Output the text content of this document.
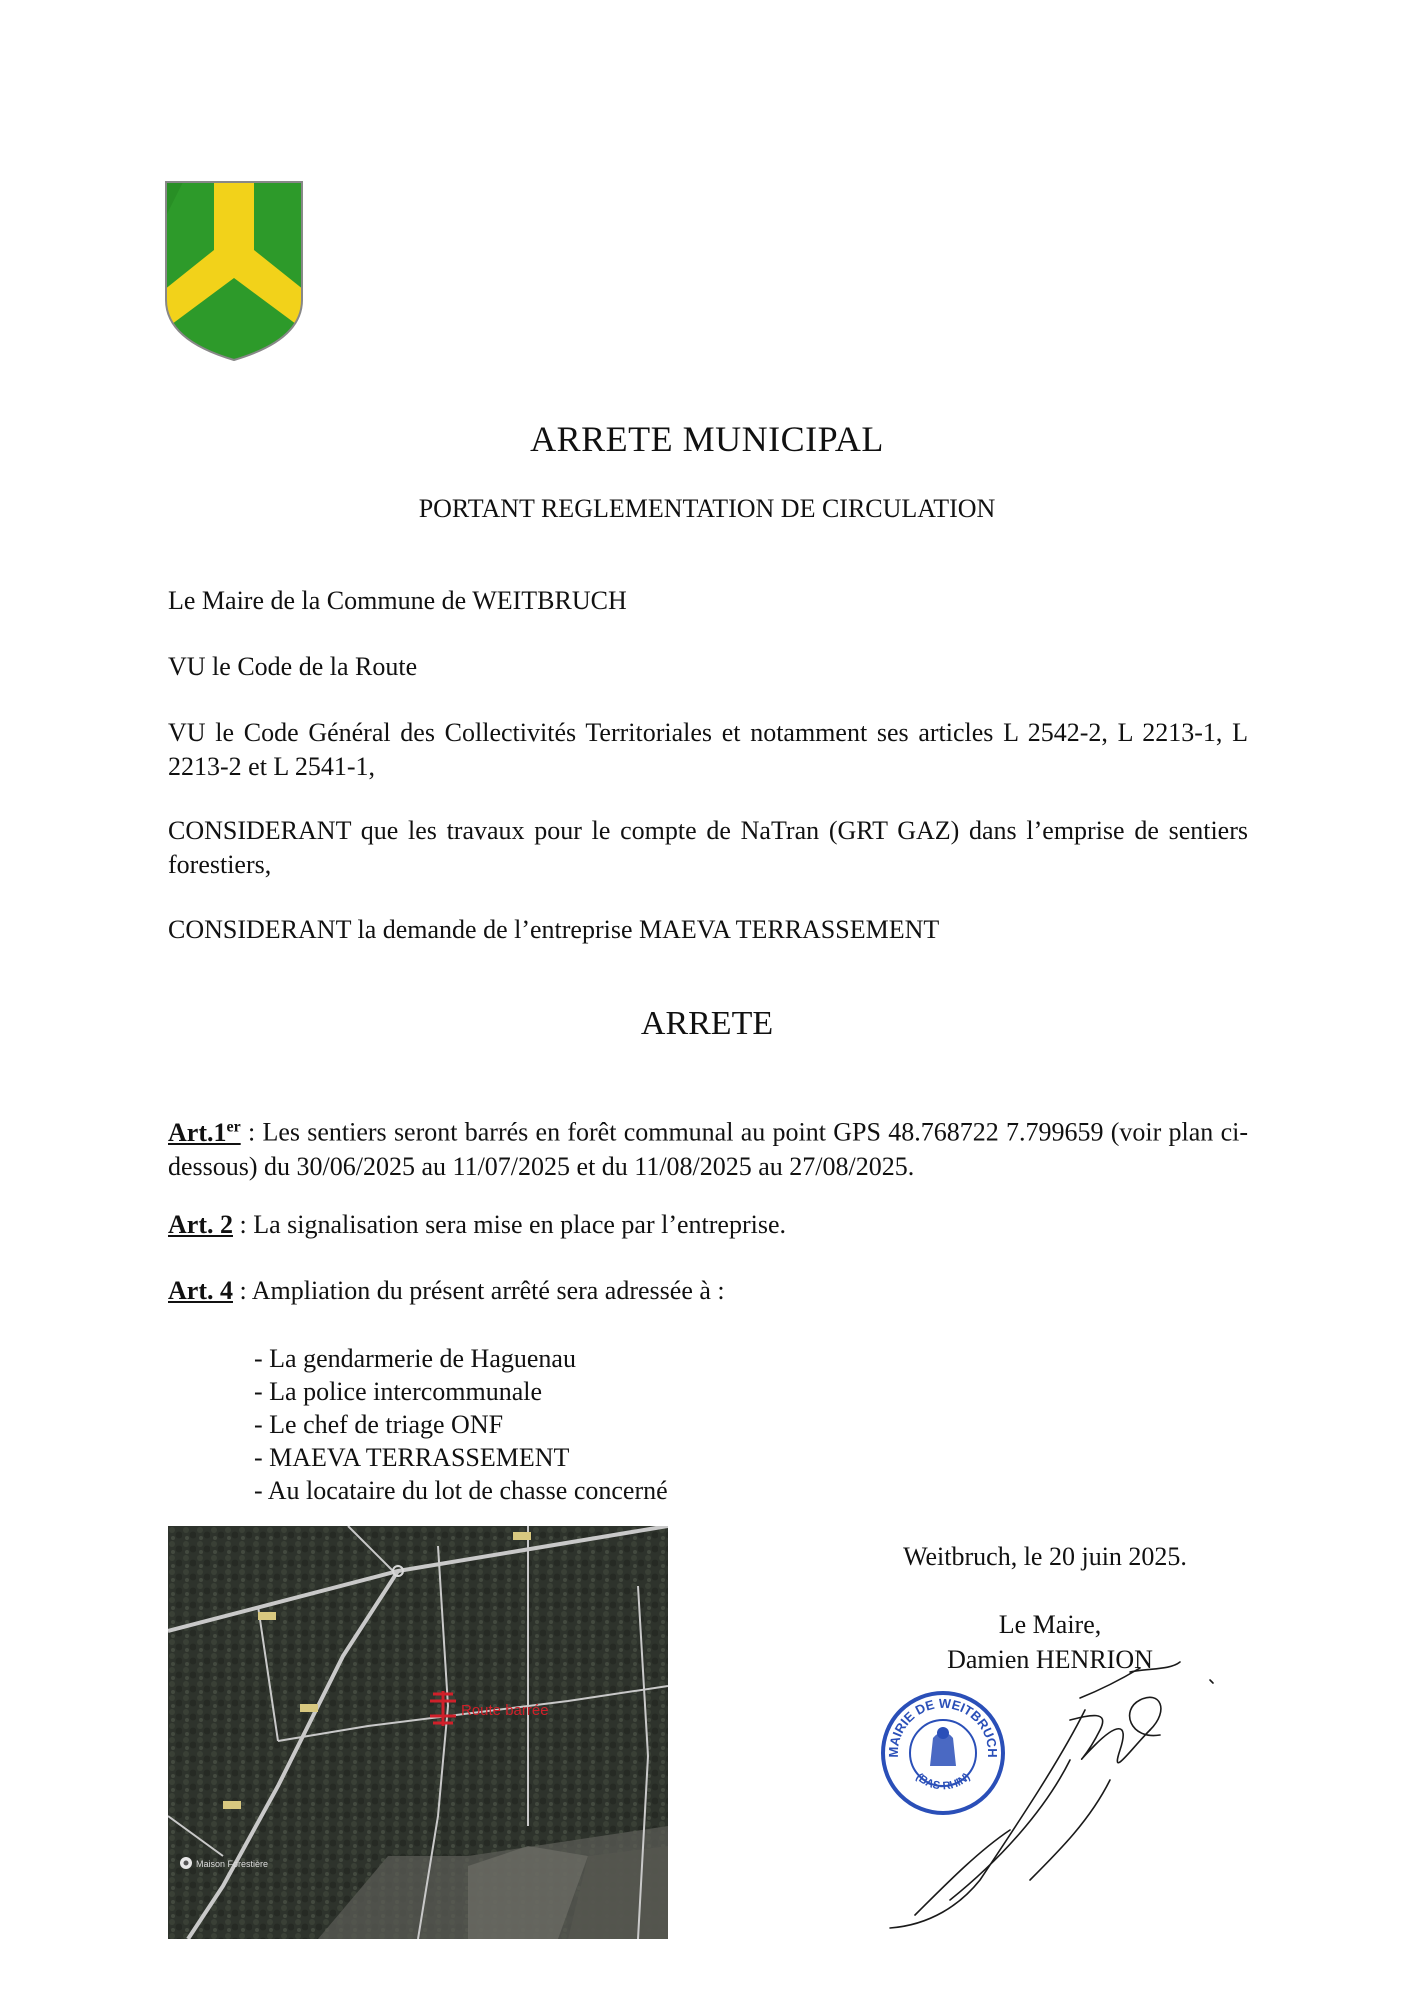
ARRETE MUNICIPAL
PORTANT REGLEMENTATION DE CIRCULATION
Le Maire de la Commune de WEITBRUCH
VU le Code de la Route
VU le Code Général des Collectivités Territoriales et notamment ses articles L 2542-2, L 2213-1, L 2213-2 et L 2541-1,
CONSIDERANT que les travaux pour le compte de NaTran (GRT GAZ) dans l’emprise de sentiers forestiers,
CONSIDERANT la demande de l’entreprise MAEVA TERRASSEMENT
ARRETE
Art.1er : Les sentiers seront barrés en forêt communal au point GPS 48.768722 7.799659 (voir plan ci-dessous) du 30/06/2025 au 11/07/2025 et du 11/08/2025 au 27/08/2025.
Art. 2 : La signalisation sera mise en place par l’entreprise.
Art. 4 : Ampliation du présent arrêté sera adressée à :
- La gendarmerie de Haguenau
- La police intercommunale
- Le chef de triage ONF
- MAEVA TERRASSEMENT
- Au locataire du lot de chasse concerné
Route barrée
Maison Forestière
Weitbruch, le 20 juin 2025.
Le Maire,
Damien HENRION
MAIRIE DE WEITBRUCH
(BAS-RHIN)
